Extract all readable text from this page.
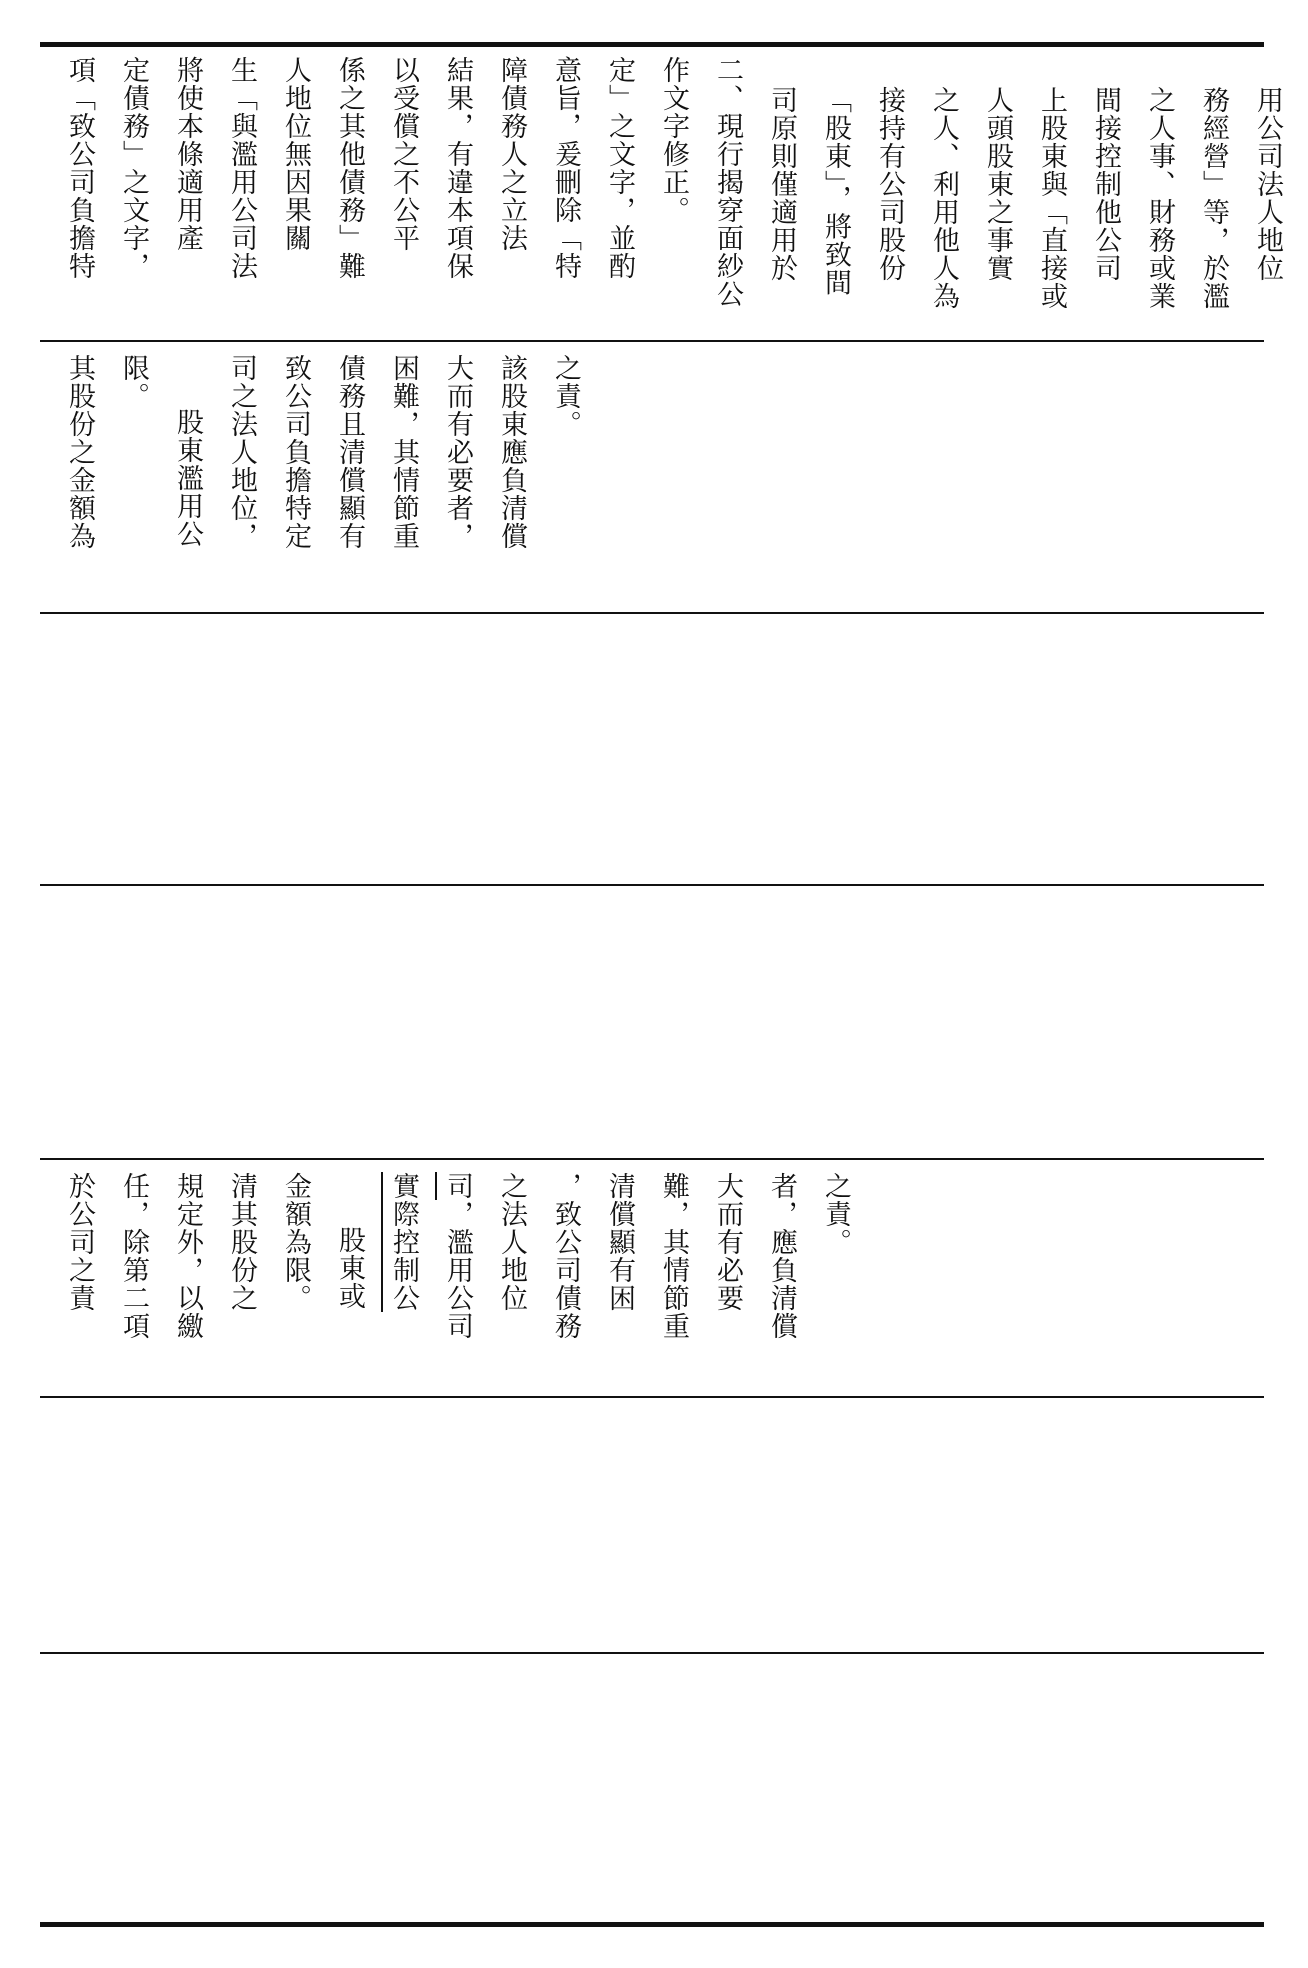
項「致公司負擔特 定債務」之文字， 將使本條適用產 生「與濫用公司法 人地位無因果關 係之其他債務」難 以受償之不公平 結果，有違本項保 障債務人之立法 意旨，爰刪除「特 定」之文字，並酌 作文字修正。 二、現行揭穿面紗公 司原則僅適用於 「股東」，將致間 接持有公司股份 之人、利用他人為 人頭股東之事實 上股東與「直接或 間接控制他公司 之人事、財務或業 務經營」等，於濫 用公司法人地位
其股份之金額為 限。
股東濫用公 司之法人地位， 致公司負擔特定 債務且清償顯有 困難，其情節重 大而有必要者， 該股東應負清償 之責。
於公司之責 任，除第二項 規定外，以繳 清其股份之 金額為限。 股東或 實際控制公 司，濫用公司 之法人地位 ，致公司債務 清償顯有困 難，其情節重 大而有必要 者，應負清償 之責。
